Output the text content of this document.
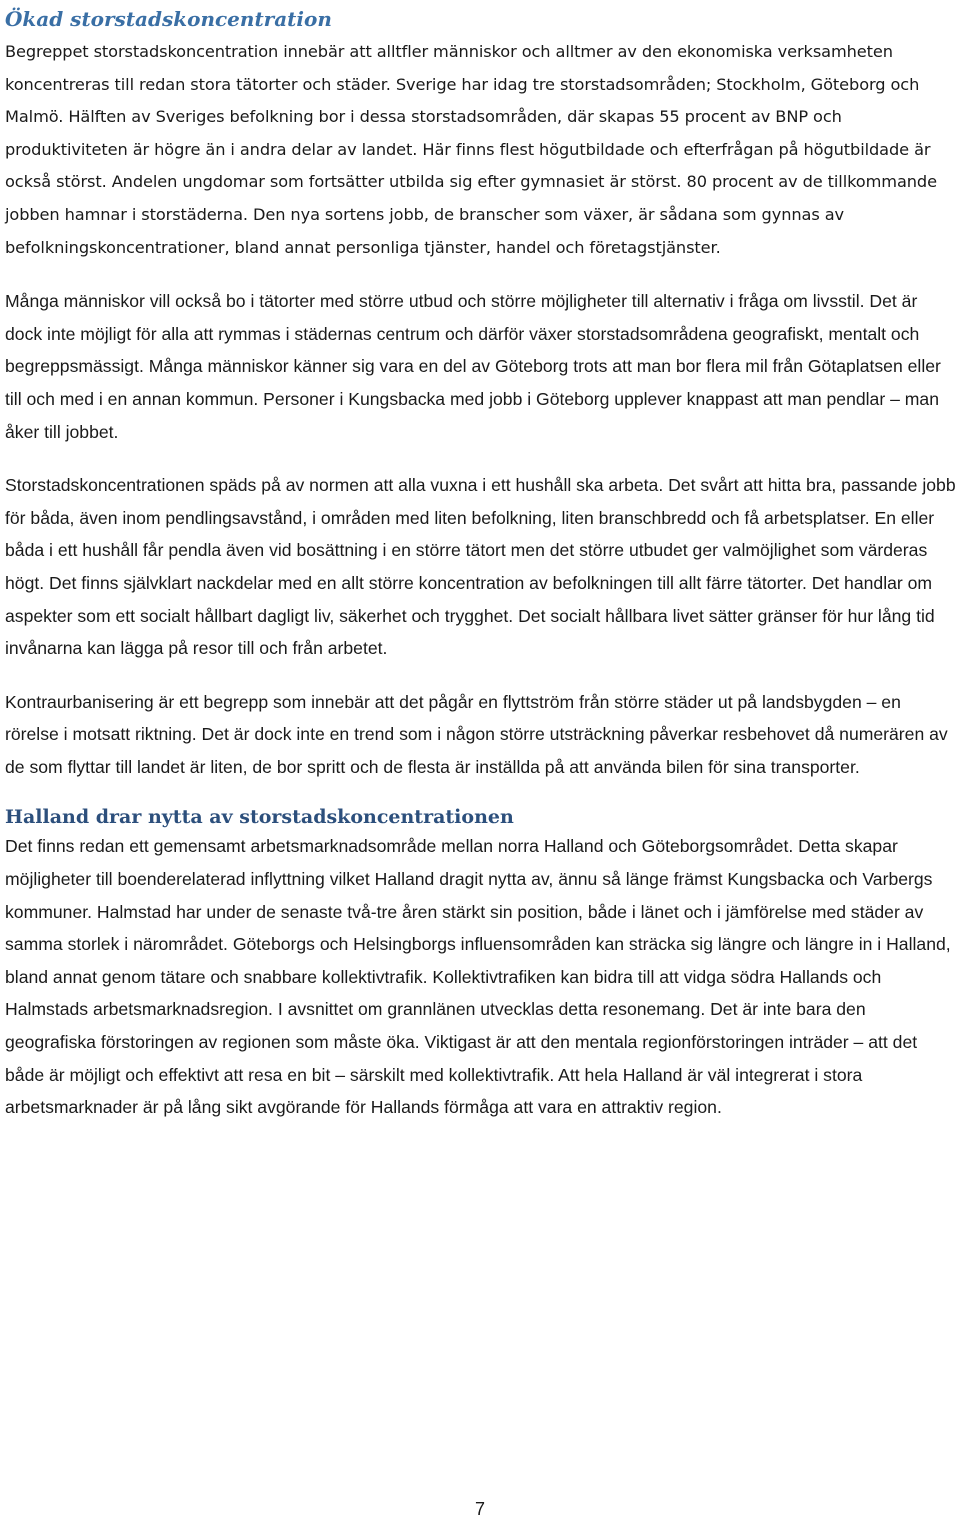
Ökad storstadskoncentration

Begreppet storstadskoncentration innebär att alltfler människor och alltmer av den ekonomiska verksamheten koncentreras till redan stora tätorter och städer. Sverige har idag tre storstadsområden; Stockholm, Göteborg och Malmö. Hälften av Sveriges befolkning bor i dessa storstadsområden, där skapas 55 procent av BNP och produktiviteten är högre än i andra delar av landet. Här finns flest högutbildade och efterfrågan på högutbildade är också störst. Andelen ungdomar som fortsätter utbilda sig efter gymnasiet är störst. 80 procent av de tillkommande jobben hamnar i storstäderna. Den nya sortens jobb, de branscher som växer, är sådana som gynnas av befolkningskoncentrationer, bland annat personliga tjänster, handel och företagstjänster.

Många människor vill också bo i tätorter med större utbud och större möjligheter till alternativ i fråga om livsstil. Det är dock inte möjligt för alla att rymmas i städernas centrum och därför växer storstadsområdena geografiskt, mentalt och begreppsmässigt. Många människor känner sig vara en del av Göteborg trots att man bor flera mil från Götaplatsen eller till och med i en annan kommun. Personer i Kungsbacka med jobb i Göteborg upplever knappast att man pendlar – man åker till jobbet.

Storstadskoncentrationen späds på av normen att alla vuxna i ett hushåll ska arbeta. Det svårt att hitta bra, passande jobb för båda, även inom pendlingsavstånd, i områden med liten befolkning, liten branschbredd och få arbetsplatser. En eller båda i ett hushåll får pendla även vid bosättning i en större tätort men det större utbudet ger valmöjlighet som värderas högt. Det finns självklart nackdelar med en allt större koncentration av befolkningen till allt färre tätorter. Det handlar om aspekter som ett socialt hållbart dagligt liv, säkerhet och trygghet. Det socialt hållbara livet sätter gränser för hur lång tid invånarna kan lägga på resor till och från arbetet.

Kontraurbanisering är ett begrepp som innebär att det pågår en flyttström från större städer ut på landsbygden – en rörelse i motsatt riktning. Det är dock inte en trend som i någon större utsträckning påverkar resbehovet då numerären av de som flyttar till landet är liten, de bor spritt och de flesta är inställda på att använda bilen för sina transporter.

Halland drar nytta av storstadskoncentrationen

Det finns redan ett gemensamt arbetsmarknadsområde mellan norra Halland och Göteborgsområdet. Detta skapar möjligheter till boenderelaterad inflyttning vilket Halland dragit nytta av, ännu så länge främst Kungsbacka och Varbergs kommuner. Halmstad har under de senaste två-tre åren stärkt sin position, både i länet och i jämförelse med städer av samma storlek i närområdet. Göteborgs och Helsingborgs influensområden kan sträcka sig längre och längre in i Halland, bland annat genom tätare och snabbare kollektivtrafik. Kollektivtrafiken kan bidra till att vidga södra Hallands och Halmstads arbetsmarknadsregion. I avsnittet om grannlänen utvecklas detta resonemang. Det är inte bara den geografiska förstoringen av regionen som måste öka. Viktigast är att den mentala regionförstoringen inträder – att det både är möjligt och effektivt att resa en bit – särskilt med kollektivtrafik. Att hela Halland är väl integrerat i stora arbetsmarknader är på lång sikt avgörande för Hallands förmåga att vara en attraktiv region.

7
